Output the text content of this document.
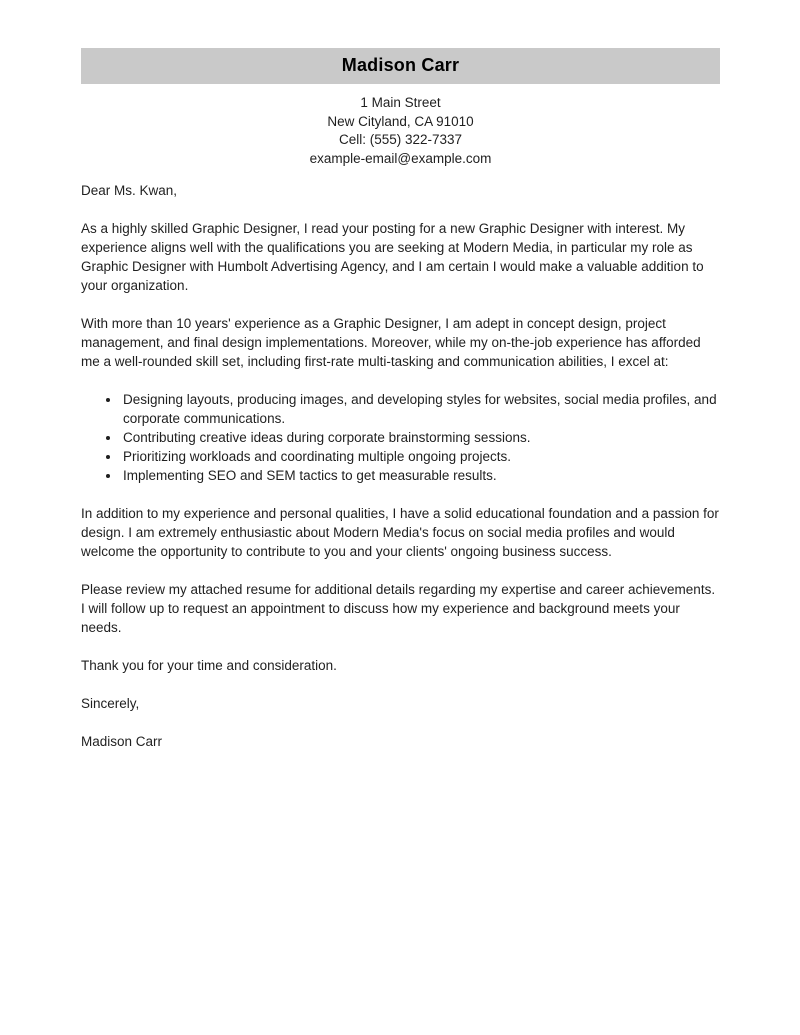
Madison Carr
1 Main Street
New Cityland, CA 91010
Cell: (555) 322-7337
example-email@example.com

Dear Ms. Kwan,

As a highly skilled Graphic Designer, I read your posting for a new Graphic Designer with interest. My experience aligns well with the qualifications you are seeking at Modern Media, in particular my role as Graphic Designer with Humbolt Advertising Agency, and I am certain I would make a valuable addition to your organization.

With more than 10 years' experience as a Graphic Designer, I am adept in concept design, project management, and final design implementations. Moreover, while my on-the-job experience has afforded me a well-rounded skill set, including first-rate multi-tasking and communication abilities, I excel at:

• Designing layouts, producing images, and developing styles for websites, social media profiles, and corporate communications.
• Contributing creative ideas during corporate brainstorming sessions.
• Prioritizing workloads and coordinating multiple ongoing projects.
• Implementing SEO and SEM tactics to get measurable results.

In addition to my experience and personal qualities, I have a solid educational foundation and a passion for design. I am extremely enthusiastic about Modern Media's focus on social media profiles and would welcome the opportunity to contribute to you and your clients' ongoing business success.

Please review my attached resume for additional details regarding my expertise and career achievements. I will follow up to request an appointment to discuss how my experience and background meets your needs.

Thank you for your time and consideration.

Sincerely,

Madison Carr
